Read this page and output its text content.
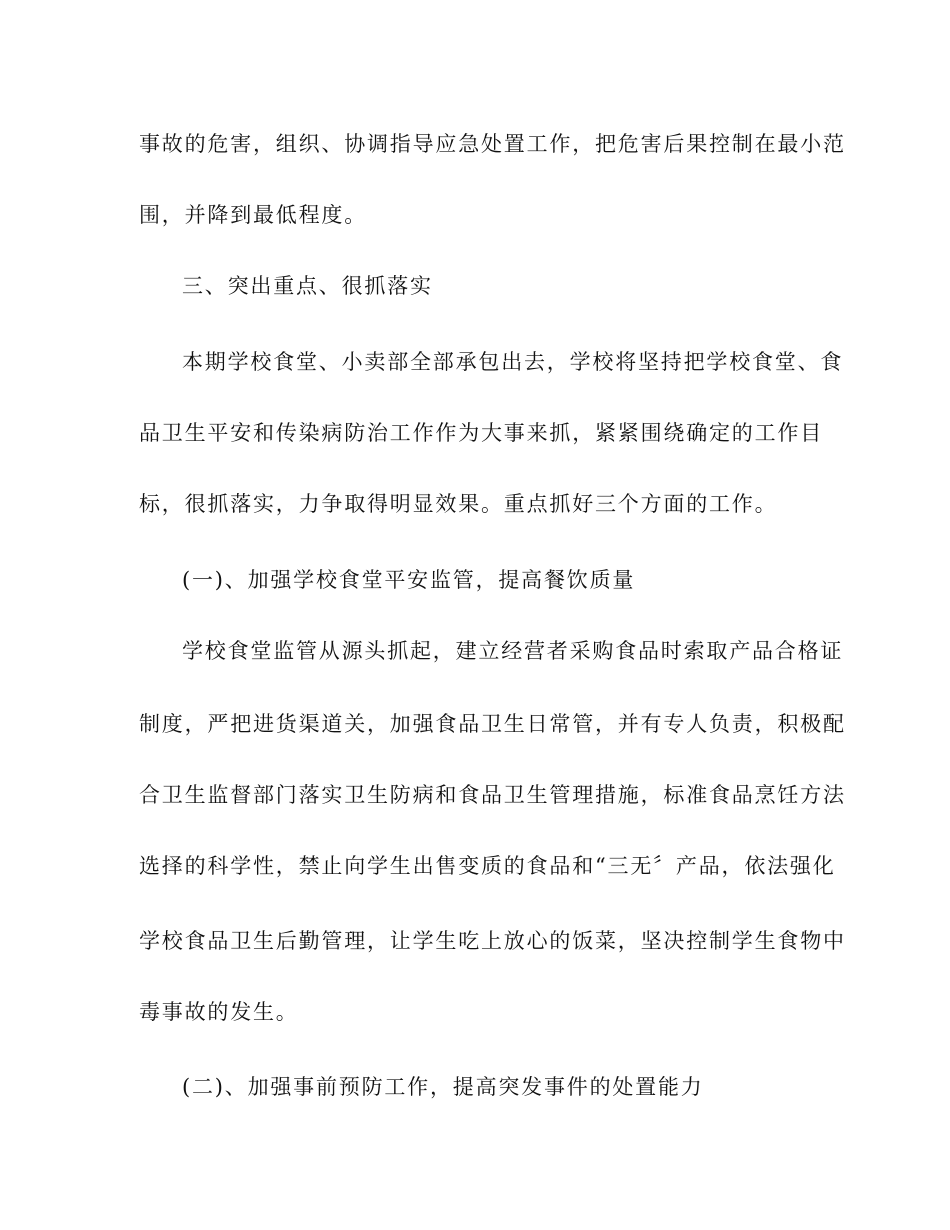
事故的危害，组织、协调指导应急处置工作，把危害后果控制在最小范
围，并降到最低程度。
三、突出重点、很抓落实
本期学校食堂、小卖部全部承包出去，学校将坚持把学校食堂、食
品卫生平安和传染病防治工作作为大事来抓，紧紧围绕确定的工作目
标，很抓落实，力争取得明显效果。重点抓好三个方面的工作。
(一)、加强学校食堂平安监管，提高餐饮质量
学校食堂监管从源头抓起，建立经营者采购食品时索取产品合格证
制度，严把进货渠道关，加强食品卫生日常管，并有专人负责，积极配
合卫生监督部门落实卫生防病和食品卫生管理措施，标准食品烹饪方法
选择的科学性，禁止向学生出售变质的食品和“三无〞产品，依法强化
学校食品卫生后勤管理，让学生吃上放心的饭菜，坚决控制学生食物中
毒事故的发生。
(二)、加强事前预防工作，提高突发事件的处置能力
